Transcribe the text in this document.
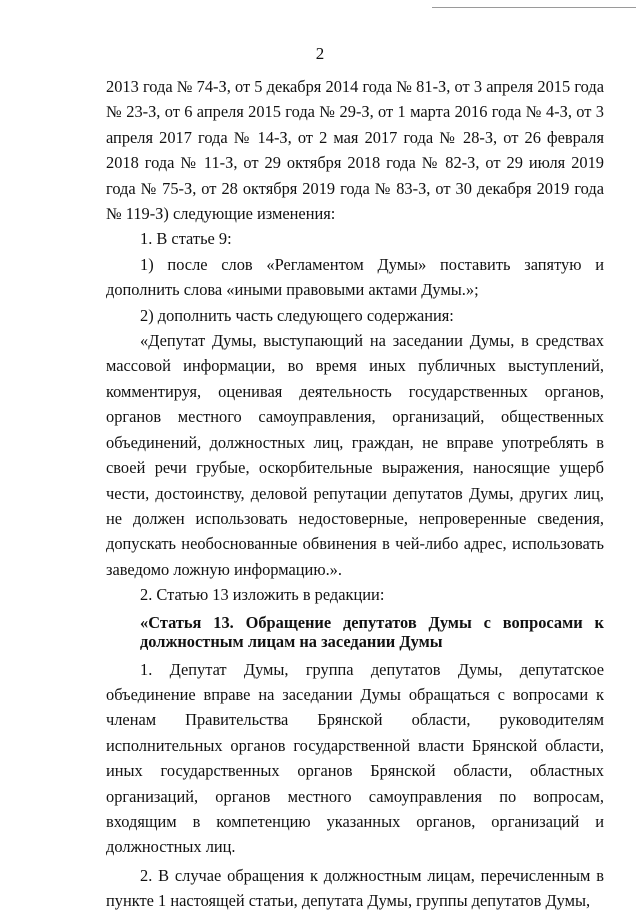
2

2013 года № 74-З, от 5 декабря 2014 года № 81-З, от 3 апреля 2015 года № 23-З, от 6 апреля 2015 года № 29-З, от 1 марта 2016 года № 4-З, от 3 апреля 2017 года № 14-З, от 2 мая 2017 года № 28-З, от 26 февраля 2018 года № 11-З, от 29 октября 2018 года № 82-З, от 29 июля 2019 года № 75-З, от 28 октября 2019 года № 83-З, от 30 декабря 2019 года № 119-З) следующие изменения:

1. В статье 9:

1) после слов «Регламентом Думы» поставить запятую и дополнить слова «иными правовыми актами Думы.»;

2) дополнить часть следующего содержания:

«Депутат Думы, выступающий на заседании Думы, в средствах массовой информации, во время иных публичных выступлений, комментируя, оценивая деятельность государственных органов, органов местного самоуправления, организаций, общественных объединений, должностных лиц, граждан, не вправе употреблять в своей речи грубые, оскорбительные выражения, наносящие ущерб чести, достоинству, деловой репутации депутатов Думы, других лиц, не должен использовать недостоверные, непроверенные сведения, допускать необоснованные обвинения в чей-либо адрес, использовать заведомо ложную информацию.».

2. Статью 13 изложить в редакции:

«Статья 13. Обращение депутатов Думы с вопросами к должностным лицам на заседании Думы

1. Депутат Думы, группа депутатов Думы, депутатское объединение вправе на заседании Думы обращаться с вопросами к членам Правительства Брянской области, руководителям исполнительных органов государственной власти Брянской области, иных государственных органов Брянской области, областных организаций, органов местного самоуправления по вопросам, входящим в компетенцию указанных органов, организаций и должностных лиц.

2. В случае обращения к должностным лицам, перечисленным в пункте 1 настоящей статьи, депутата Думы, группы депутатов Думы,
